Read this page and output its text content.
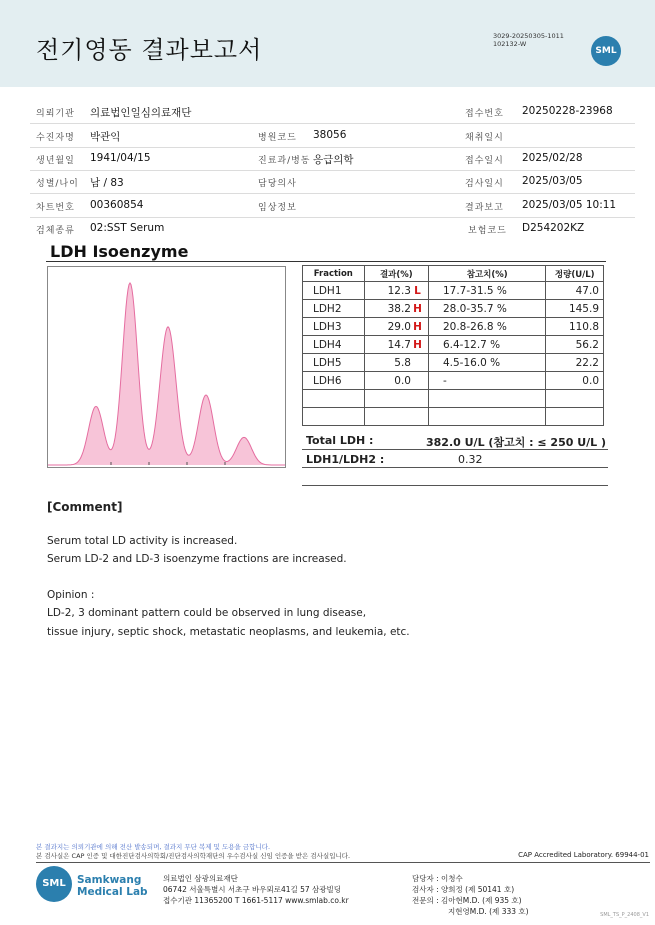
전기영동 결과보고서	3029-20250305-1011
102132-W
SML
의뢰기관 의료법인일심의료재단	접수번호 20250228-23968
수진자명 박관익	병원코드 38056	채취일시
생년월일 1941/04/15	진료과/병동 응급의학	접수일시 2025/02/28
성별/나이 남 / 83	담당의사	검사일시 2025/03/05
차트번호 00360854	임상정보	결과보고 2025/03/05 10:11
검체종류 02:SST Serum	보험코드 D254202KZ
LDH Isoenzyme
Fraction	결과(%)	참고치(%)	정량(U/L)
LDH1	12.3 L	17.7-31.5 %	47.0
LDH2	38.2 H	28.0-35.7 %	145.9
LDH3	29.0 H	20.8-26.8 %	110.8
LDH4	14.7 H	6.4-12.7 %	56.2
LDH5	5.8	4.5-16.0 %	22.2
LDH6	0.0	-	0.0

Total LDH :	382.0 U/L (참고치 : ≤ 250 U/L )
LDH1/LDH2 :	0.32
[Comment]
Serum total LD activity is increased.
Serum LD-2 and LD-3 isoenzyme fractions are increased.
Opinion :
LD-2, 3 dominant pattern could be observed in lung disease,
tissue injury, septic shock, metastatic neoplasms, and leukemia, etc.
본 결과지는 의뢰기관에 의해 전산 발송되며, 결과지 무단 복제 및 도용을 금합니다.
본 검사실은 CAP 인증 및 대한진단검사의학회/진단검사의학재단의 우수검사실 신임 인증을 받은 검사실입니다.	CAP Accredited Laboratory. 69944-01
SML	Samkwang
Medical Lab
의료법인 삼광의료재단
06742 서울특별시 서초구 바우뫼로41길 57 삼광빌딩
접수기관 11365200 T 1661-5117 www.smlab.co.kr
담당자 : 이청수
검사자 : 양희정 (제 50141 호)
전문의 : 김아현M.D. (제 935 호)
지현영M.D. (제 333 호)	SML_TS_P_2408_V1
